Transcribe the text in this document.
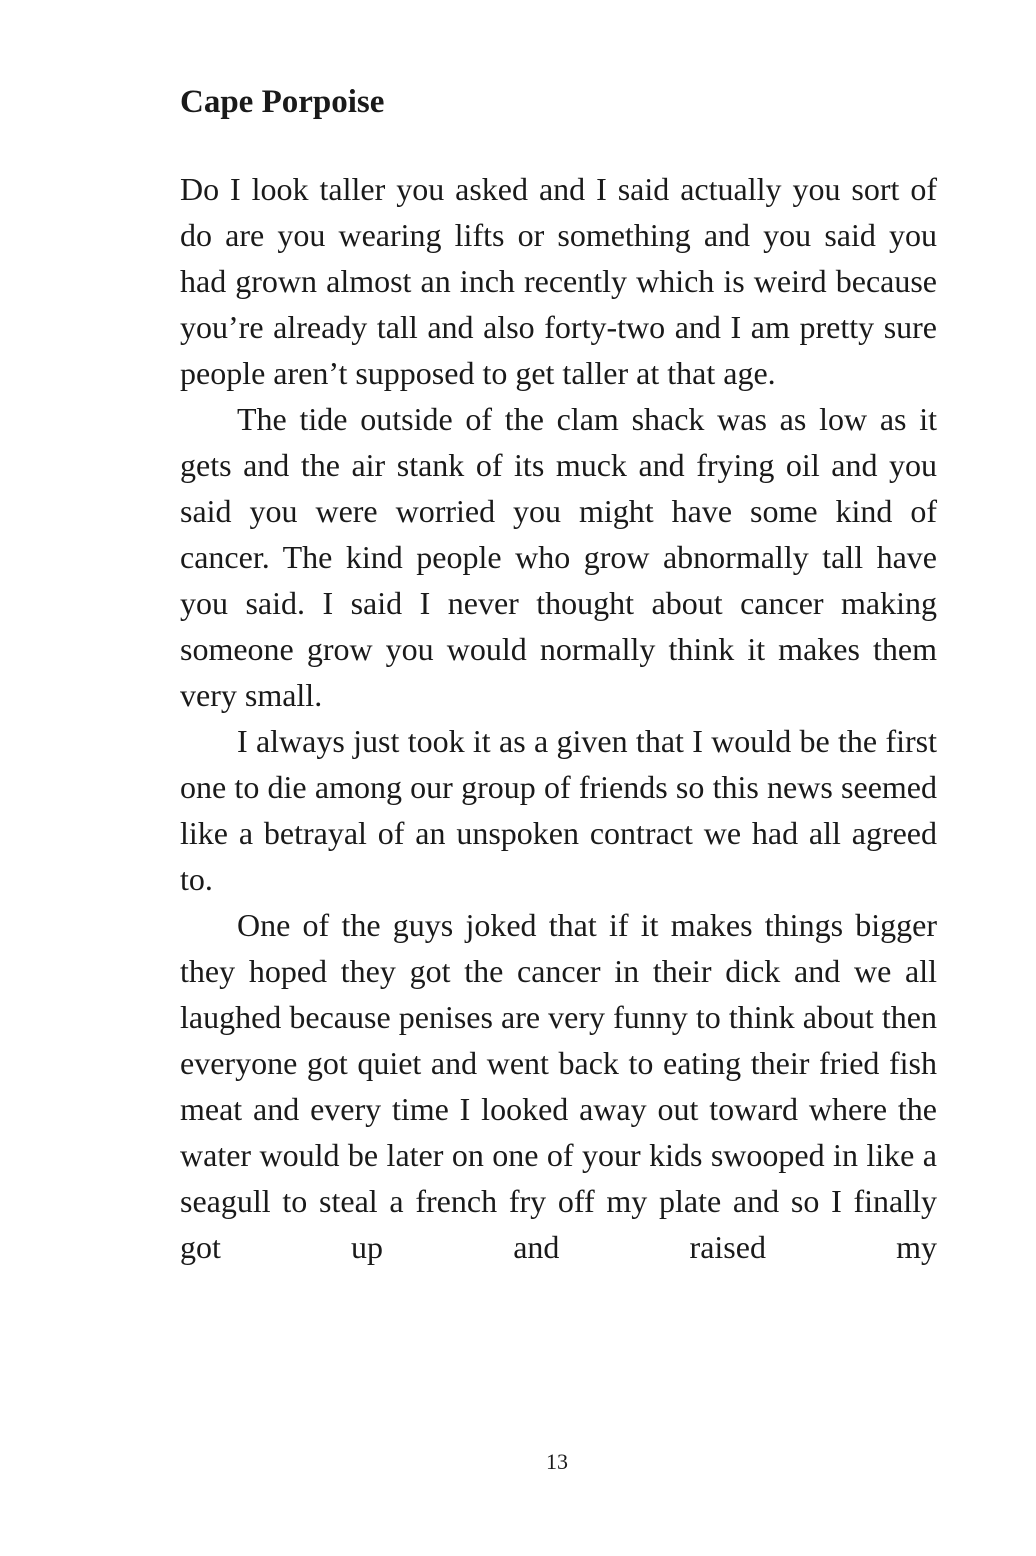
Cape Porpoise

Do I look taller you asked and I said actually you sort of do are you wearing lifts or something and you said you had grown almost an inch recently which is weird because you’re already tall and also forty-two and I am pretty sure people aren’t supposed to get taller at that age.

The tide outside of the clam shack was as low as it gets and the air stank of its muck and frying oil and you said you were worried you might have some kind of cancer. The kind people who grow abnormally tall have you said. I said I never thought about cancer making someone grow you would normally think it makes them very small.

I always just took it as a given that I would be the first one to die among our group of friends so this news seemed like a betrayal of an unspoken contract we had all agreed to.

One of the guys joked that if it makes things bigger they hoped they got the cancer in their dick and we all laughed because penises are very funny to think about then everyone got quiet and went back to eating their fried fish meat and every time I looked away out toward where the water would be later on one of your kids swooped in like a seagull to steal a french fry off my plate and so I finally got up and raised my

13
